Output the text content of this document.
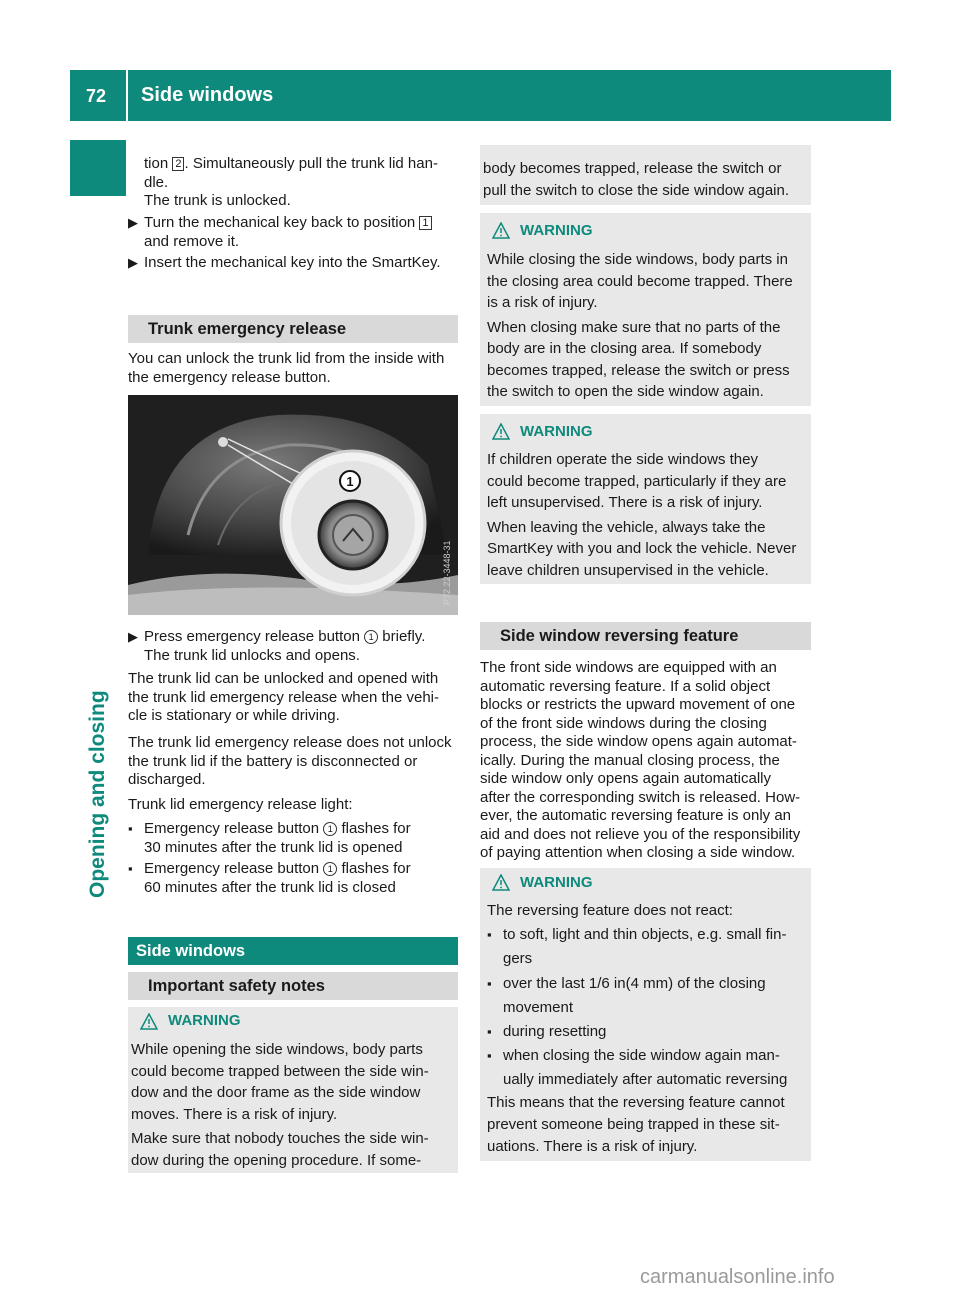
72 Side windows
Opening and closing

tion 2 . Simultaneously pull the trunk lid han-

dle.

The trunk is unlocked.

▶ Turn the mechanical key back to position 1

and remove it.

▶ Insert the mechanical key into the SmartKey.

Trunk emergency release

You can unlock the trunk lid from the inside with

the emergency release button.

1
P72.22-3448-31
▶ Press emergency release button 1 briefly.

The trunk lid unlocks and opens.

The trunk lid can be unlocked and opened with

the trunk lid emergency release when the vehi-

cle is stationary or while driving.

The trunk lid emergency release does not unlock

the trunk lid if the battery is disconnected or

discharged.

Trunk lid emergency release light:
▪ Emergency release button 1 flashes for

30 minutes after the trunk lid is opened

▪ Emergency release button 1 flashes for

60 minutes after the trunk lid is closed

Side windows
Important safety notes
WARNING

While opening the side windows, body parts

could become trapped between the side win-

dow and the door frame as the side window

moves. There is a risk of injury.

Make sure that nobody touches the side win-

dow during the opening procedure. If some-

body becomes trapped, release the switch or

pull the switch to close the side window again.

WARNING

While closing the side windows, body parts in

the closing area could become trapped. There

is a risk of injury.

When closing make sure that no parts of the

body are in the closing area. If somebody

becomes trapped, release the switch or press

the switch to open the side window again.

WARNING

If children operate the side windows they

could become trapped, particularly if they are

left unsupervised. There is a risk of injury.

When leaving the vehicle, always take the

SmartKey with you and lock the vehicle. Never

leave children unsupervised in the vehicle.

Side window reversing feature

The front side windows are equipped with an

automatic reversing feature. If a solid object

blocks or restricts the upward movement of one

of the front side windows during the closing

process, the side window opens again automat-

ically. During the manual closing process, the

side window only opens again automatically

after the corresponding switch is released. How-

ever, the automatic reversing feature is only an

aid and does not relieve you of the responsibility

of paying attention when closing a side window.

WARNING
The reversing feature does not react:
▪ to soft, light and thin objects, e.g. small fin-

gers

▪ over the last 1/6 in(4 mm) of the closing

movement

▪ during resetting

▪ when closing the side window again man-

ually immediately after automatic reversing

This means that the reversing feature cannot

prevent someone being trapped in these sit-

uations. There is a risk of injury.

carmanualsonline.info
